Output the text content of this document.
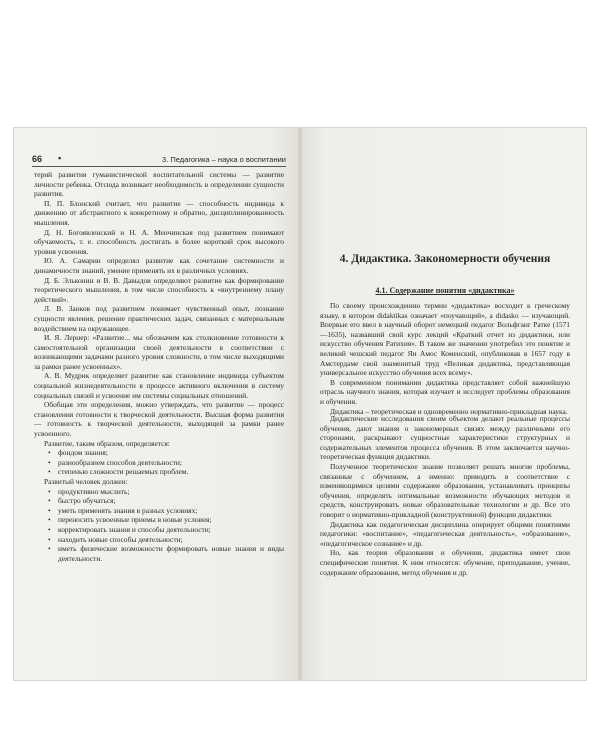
66 ▪	3. Педагогика – наука о воспитании

терий развития гуманистической воспитательной системы — развитие личности ребенка. Отсюда возникает необходимость в определении сущности развития.

П. П. Блонский считает, что развитие — способность индивида к движению от абстрактного к конкретному и обратно, дисциплинированность мышления.

Д. Н. Богоявленский и Н. А. Менчинская под развитием понимают обучаемость, т. е. способность достигать в более короткий срок высокого уровня усвоения.

Ю. А. Самарин определял развитие как сочетание системности и динамичности знаний, умение применять их в различных условиях.

Д. Б. Эльконин и В. В. Давыдов определяют развитие как формирование теоретического мышления, в том числе способность к «внутреннему плану действий».

Л. В. Занков под развитием понимает чувственный опыт, познание сущности явления, решение практических задач, связанных с материальным воздействием на окружающее.

И. Я. Лернер: «Развитие... мы обозначим как столкновение готовности к самостоятельной организации своей деятельности в соответствии с возникающими задачами разного уровня сложности, в том числе выходящими за рамки ранее усвоенных».

А. В. Мудрик определяет развитие как становление индивида субъектом социальной жизнедеятельности в процессе активного включения в систему социальных связей и усвоение им системы социальных отношений.

Обобщая эти определения, можно утверждать, что развитие — процесс становления готовности к творческой деятельности. Высшая форма развития — готовность к творческой деятельности, выходящей за рамки ранее усвоенного.

Развитие, таким образом, определяется:

• фондом знания;
• разнообразием способов деятельности;
• степенью сложности решаемых проблем.

Развитый человек должен:

• продуктивно мыслить;
• быстро обучаться;
• уметь применять знания в разных условиях;
• переносить усвоенные приемы в новые условия;
• корректировать знания и способы деятельности;
• находить новые способы деятельности;
• иметь физические возможности формировать новые знания и виды деятельности.
4. Дидактика. Закономерности обучения
4.1. Содержание понятия «дидактика»

По своему происхождению термин «дидактика» восходит к греческому языку, в котором didaktikas означает «поучающий», а didasko — изучающий. Впервые его ввел в научный оборот немецкий педагог Вольфганг Ратке (1571—1635), назвавший свой курс лекций «Краткий отчет из дидактики, или искусство обучения Ратихия». В таком же значении употребил это понятие и великий чешский педагог Ян Амос Коменский, опубликовав в 1657 году в Амстердаме свой знаменитый труд «Великая дидактика, представляющая универсальное искусство обучения всех всему».

В современном понимании дидактика представляет собой важнейшую отрасль научного знания, которая изучает и исследует проблемы образования и обучения.

Дидактика – теоретическая и одновременно нормативно-прикладная наука.

Дидактические исследования своим объектом делают реальные процессы обучения, дают знания о закономерных связях между различными его сторонами, раскрывают сущностные характеристики структурных и содержательных элементов процесса обучения. В этом заключается научно-теоретическая функция дидактики.

Полученное теоретическое знание позволяет решать многие проблемы, связанные с обучением, а именно: приводить в соответствие с изменяющимися целями содержание образования, устанавливать принципы обучения, определять оптимальные возможности обучающих методов и средств, конструировать новые образовательные технологии и др. Все это говорит о нормативно-прикладной (конструктивной) функции дидактики.

Дидактика как педагогическая дисциплина оперирует общими понятиями педагогики: «воспитание», «педагогическая деятельность», «образование», «педагогическое сознание» и др.

Но, как теория образования и обучения, дидактика имеет свои специфические понятия. К ним относятся: обучение, преподавание, учение, содержание образования, метод обучения и др.
